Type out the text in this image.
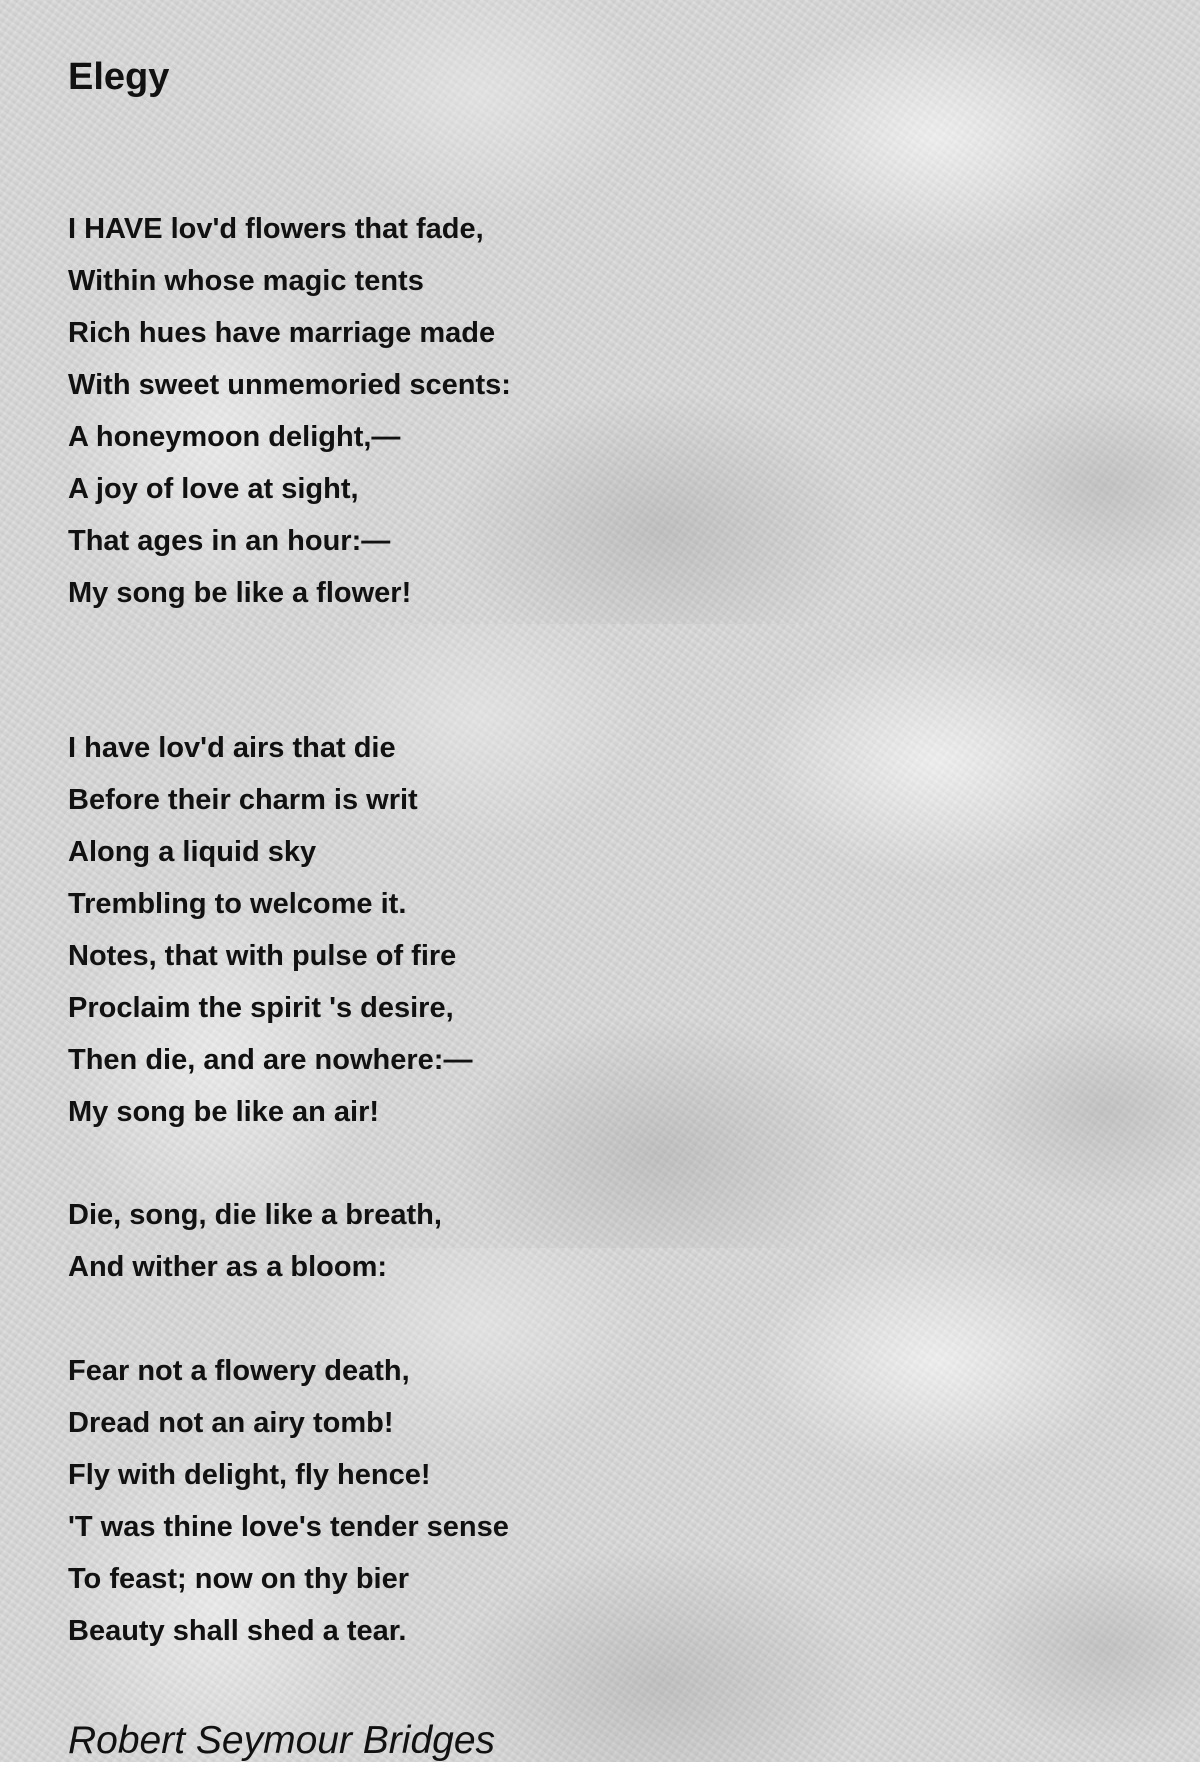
Elegy
I HAVE lov'd flowers that fade,
Within whose magic tents
Rich hues have marriage made
With sweet unmemoried scents:
A honeymoon delight,—
A joy of love at sight,
That ages in an hour:—
My song be like a flower!
I have lov'd airs that die
Before their charm is writ
Along a liquid sky
Trembling to welcome it.
Notes, that with pulse of fire
Proclaim the spirit 's desire,
Then die, and are nowhere:—
My song be like an air!
Die, song, die like a breath,
And wither as a bloom:
Fear not a flowery death,
Dread not an airy tomb!
Fly with delight, fly hence!
'T was thine love's tender sense
To feast; now on thy bier
Beauty shall shed a tear.
Robert Seymour Bridges
